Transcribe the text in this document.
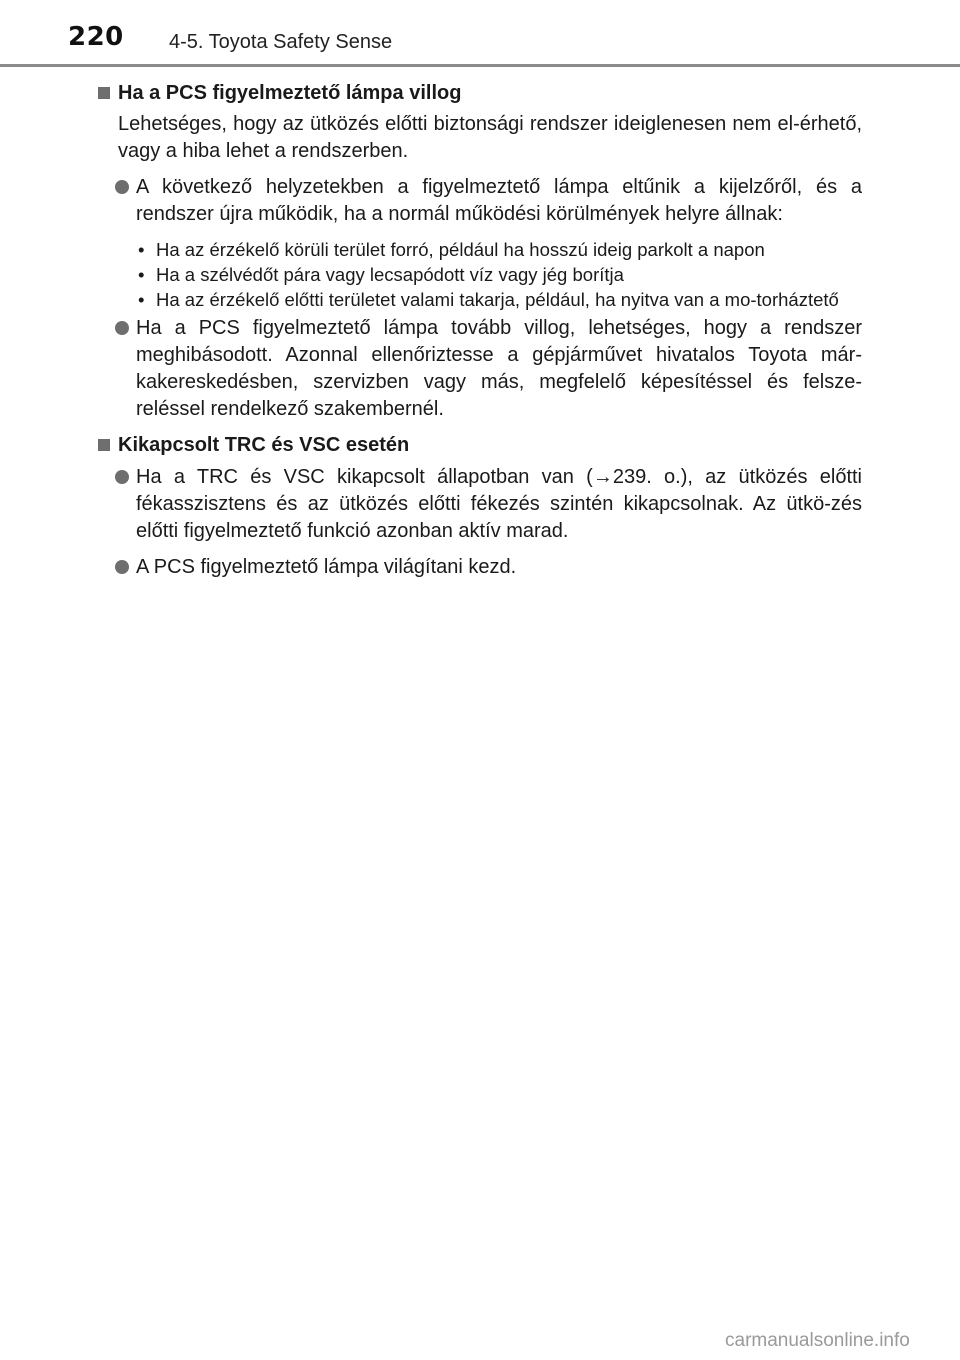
220 4-5. Toyota Safety Sense
Ha a PCS figyelmeztető lámpa villog
Lehetséges, hogy az ütközés előtti biztonsági rendszer ideiglenesen nem el-érhető, vagy a hiba lehet a rendszerben.
A következő helyzetekben a figyelmeztető lámpa eltűnik a kijelzőről, és a rendszer újra működik, ha a normál működési körülmények helyre állnak:
• Ha az érzékelő körüli terület forró, például ha hosszú ideig parkolt a napon
• Ha a szélvédőt pára vagy lecsapódott víz vagy jég borítja
• Ha az érzékelő előtti területet valami takarja, például, ha nyitva van a mo-torháztető
Ha a PCS figyelmeztető lámpa tovább villog, lehetséges, hogy a rendszer meghibásodott. Azonnal ellenőriztesse a gépjárművet hivatalos Toyota már-kakereskedésben, szervizben vagy más, megfelelő képesítéssel és felsze-reléssel rendelkező szakembernél.
Kikapcsolt TRC és VSC esetén
Ha a TRC és VSC kikapcsolt állapotban van (→239. o.), az ütközés előtti fékasszisztens és az ütközés előtti fékezés szintén kikapcsolnak. Az ütkö-zés előtti figyelmeztető funkció azonban aktív marad.
A PCS figyelmeztető lámpa világítani kezd.
carmanualsonline.info
